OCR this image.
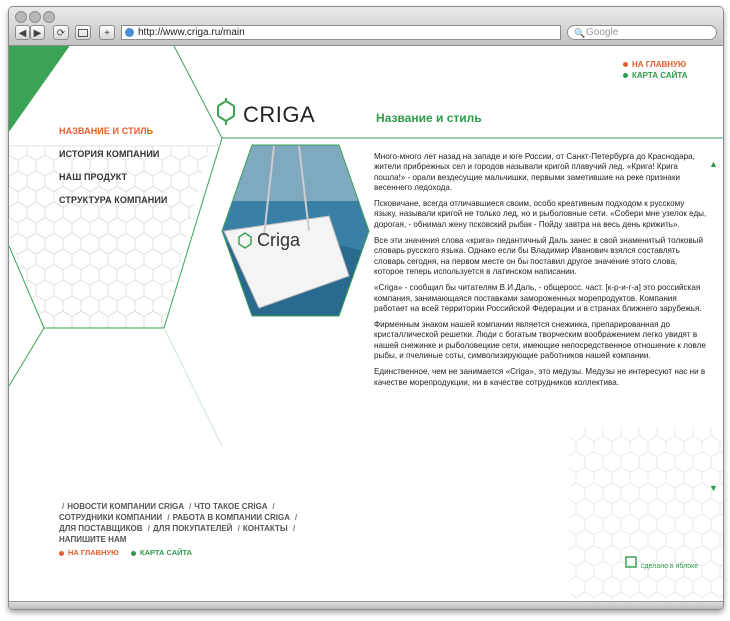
◀ ▶	⟳	+	http://www.criga.ru/main	🔍 Google
Criga
НА ГЛАВНУЮ
КАРТА САЙТА
CRIGA
НАЗВАНИЕ И СТИЛЬ
ИСТОРИЯ КОМПАНИИ
НАШ ПРОДУКТ
СТРУКТУРА КОМПАНИИ
Название и стиль
▲

Много-много лет назад на западе и юге России, от Санкт-Петербурга до Краснодара, жители прибрежных сел и городов называли кригой плавучий лед. «Крига! Крига пошла!» - орали вездесущие мальчишки, первыми заметившие на реке признаки весеннего ледохода.

Псковичане, всегда отличавшиеся своим, особо креативным подходом к русскому языку, называли кригой не только лед, но и рыболовные сети. «Собери мне узелок еды, дорогая, - обнимал жену псковский рыбак - Пойду завтра на весь день крижить».

Все эти значения слова «крига» педантичный Даль занес в свой знаменитый толковый словарь русского языка. Однако если бы Владимир Иванович взялся составлять словарь сегодня, на первом месте он бы поставил другое значение этого слова, которое теперь используется в латинском написании.

«Criga» - сообщил бы читателям В.И.Даль, - общеросс. част. [к-р-и-г-а] это российская компания, занимающаяся поставками замороженных морепродуктов. Компания работает на всей территории Российской Федерации и в странах ближнего зарубежья.

Фирменным знаком нашей компании является снежинка, препарированная до кристаллической решетки. Люди с богатым творческим воображением легко увидят в нашей снежинке и рыболовецкие сети, имеющие непосредственное отношение к ловле рыбы, и пчелиные соты, символизирующие работников нашей компании.

Единственное, чем не занимается «Criga», это медузы. Медузы не интересуют нас ни в качестве морепродукции, ни в качестве сотрудников коллектива.

▼
/ НОВОСТИ КОМПАНИИ CRIGA / ЧТО ТАКОЕ CRIGA /СОТРУДНИКИ КОМПАНИИ / РАБОТА В КОМПАНИИ CRIGA /ДЛЯ ПОСТАВЩИКОВ / ДЛЯ ПОКУПАТЕЛЕЙ / КОНТАКТЫ /НАПИШИТЕ НАМ
НА ГЛАВНУЮ	КАРТА САЙТА
сделано в яблоке
